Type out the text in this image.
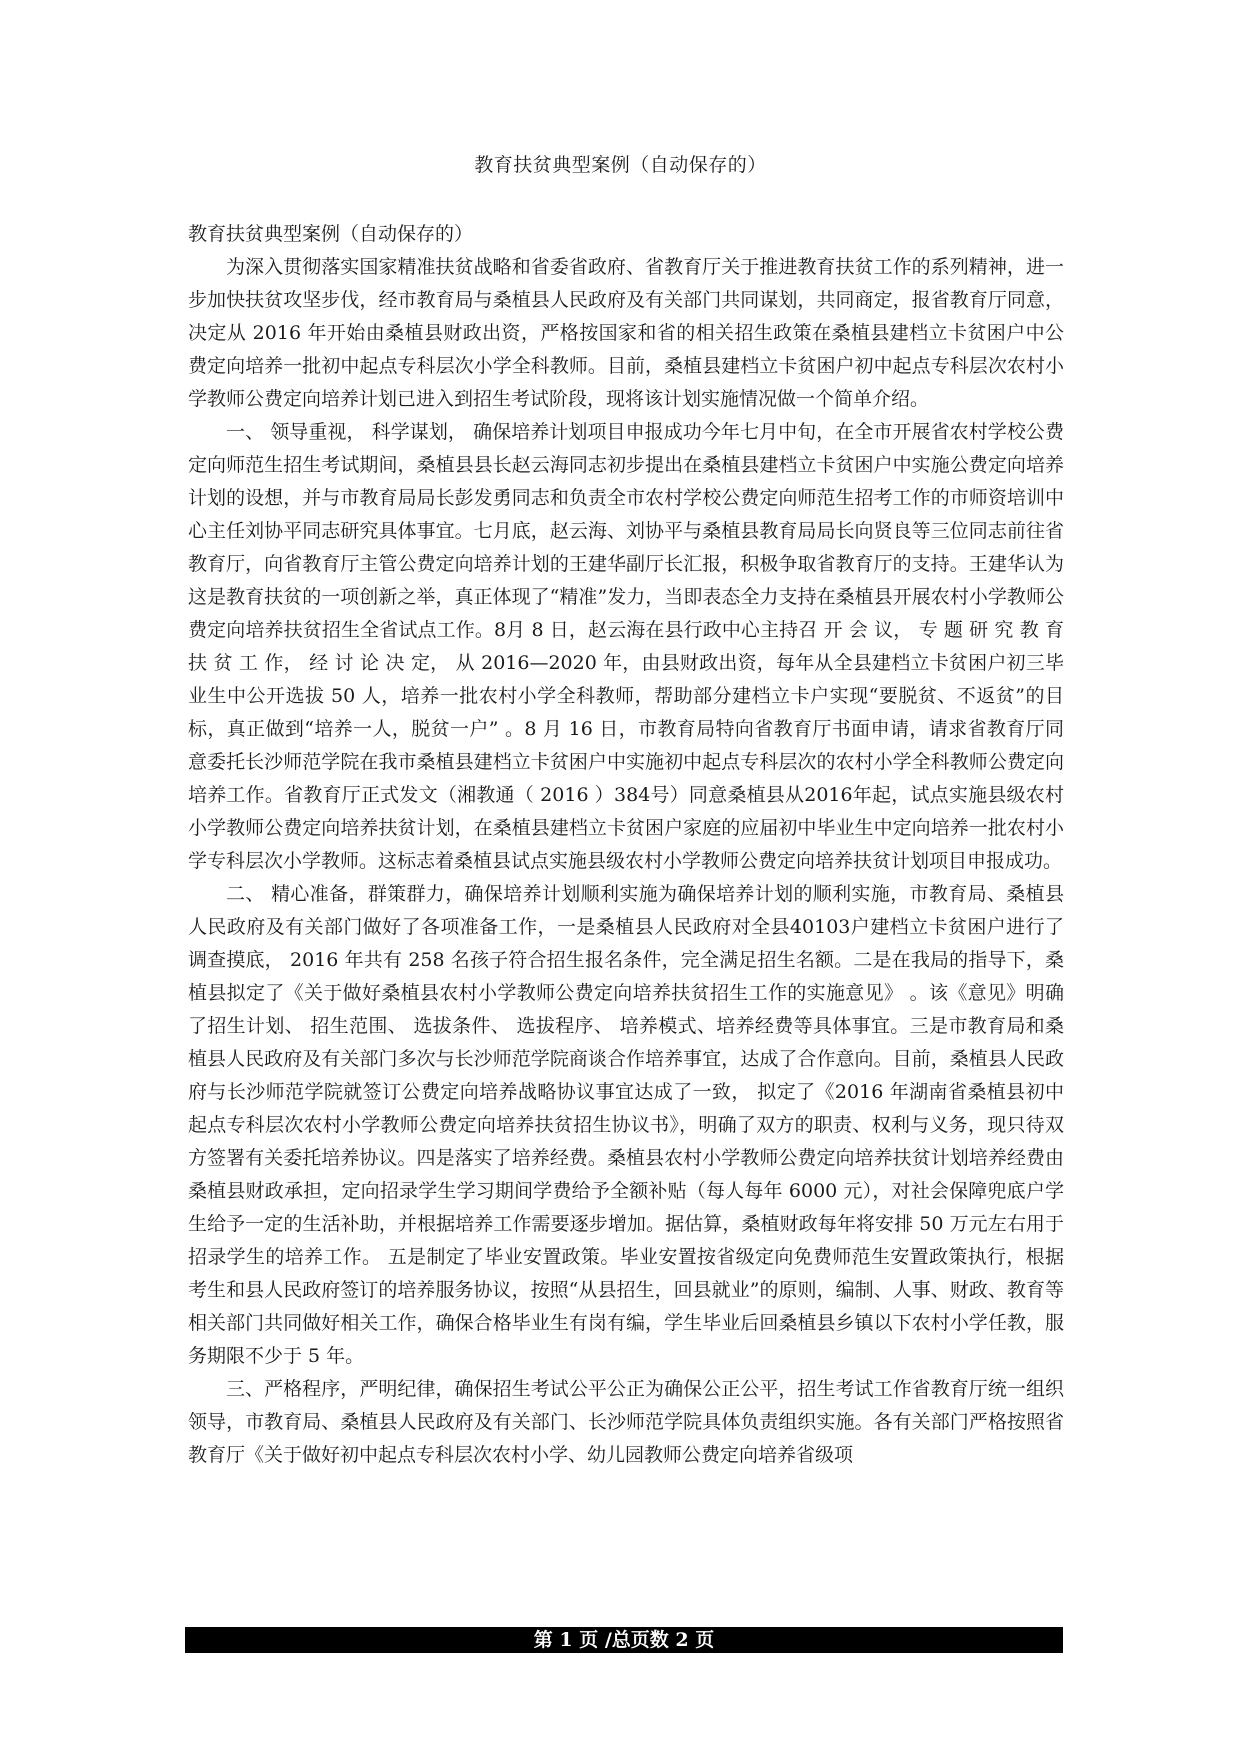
教育扶贫典型案例（自动保存的）

教育扶贫典型案例（自动保存的）

为深入贯彻落实国家精准扶贫战略和省委省政府、省教育厅关于推进教育扶贫工作的系列精神，进一步加快扶贫攻坚步伐，经市教育局与桑植县人民政府及有关部门共同谋划，共同商定，报省教育厅同意，决定从 2016 年开始由桑植县财政出资，严格按国家和省的相关招生政策在桑植县建档立卡贫困户中公费定向培养一批初中起点专科层次小学全科教师。目前，桑植县建档立卡贫困户初中起点专科层次农村小学教师公费定向培养计划已进入到招生考试阶段，现将该计划实施情况做一个简单介绍。

一、 领导重视， 科学谋划， 确保培养计划项目申报成功今年七月中旬，在全市开展省农村学校公费定向师范生招生考试期间，桑植县县长赵云海同志初步提出在桑植县建档立卡贫困户中实施公费定向培养计划的设想，并与市教育局局长彭发勇同志和负责全市农村学校公费定向师范生招考工作的市师资培训中心主任刘协平同志研究具体事宜。七月底，赵云海、刘协平与桑植县教育局局长向贤良等三位同志前往省教育厅，向省教育厅主管公费定向培养计划的王建华副厅长汇报，积极争取省教育厅的支持。王建华认为这是教育扶贫的一项创新之举，真正体现了“精准”发力，当即表态全力支持在桑植县开展农村小学教师公费定向培养扶贫招生全省试点工作。8月 8 日，赵云海在县行政中心主持召 开 会 议， 专 题 研 究 教 育 扶 贫 工 作， 经 讨 论 决 定， 从 2016—2020 年，由县财政出资，每年从全县建档立卡贫困户初三毕业生中公开选拔 50 人，培养一批农村小学全科教师，帮助部分建档立卡户实现“要脱贫、不返贫”的目标，真正做到“培养一人，脱贫一户” 。8 月 16 日，市教育局特向省教育厅书面申请，请求省教育厅同意委托长沙师范学院在我市桑植县建档立卡贫困户中实施初中起点专科层次的农村小学全科教师公费定向培养工作。省教育厅正式发文（湘教通（ 2016 ）384号）同意桑植县从2016年起，试点实施县级农村小学教师公费定向培养扶贫计划，在桑植县建档立卡贫困户家庭的应届初中毕业生中定向培养一批农村小学专科层次小学教师。这标志着桑植县试点实施县级农村小学教师公费定向培养扶贫计划项目申报成功。

二、 精心准备，群策群力，确保培养计划顺利实施为确保培养计划的顺利实施，市教育局、桑植县人民政府及有关部门做好了各项准备工作，一是桑植县人民政府对全县40103户建档立卡贫困户进行了调查摸底， 2016 年共有 258 名孩子符合招生报名条件，完全满足招生名额。二是在我局的指导下，桑植县拟定了《关于做好桑植县农村小学教师公费定向培养扶贫招生工作的实施意见》 。该《意见》明确了招生计划、 招生范围、 选拔条件、 选拔程序、 培养模式、培养经费等具体事宜。三是市教育局和桑植县人民政府及有关部门多次与长沙师范学院商谈合作培养事宜，达成了合作意向。目前，桑植县人民政府与长沙师范学院就签订公费定向培养战略协议事宜达成了一致， 拟定了《2016 年湖南省桑植县初中起点专科层次农村小学教师公费定向培养扶贫招生协议书》，明确了双方的职责、权利与义务，现只待双方签署有关委托培养协议。四是落实了培养经费。桑植县农村小学教师公费定向培养扶贫计划培养经费由桑植县财政承担，定向招录学生学习期间学费给予全额补贴（每人每年 6000 元），对社会保障兜底户学生给予一定的生活补助，并根据培养工作需要逐步增加。据估算，桑植财政每年将安排 50 万元左右用于招录学生的培养工作。 五是制定了毕业安置政策。毕业安置按省级定向免费师范生安置政策执行，根据考生和县人民政府签订的培养服务协议，按照“从县招生，回县就业”的原则，编制、人事、财政、教育等相关部门共同做好相关工作，确保合格毕业生有岗有编，学生毕业后回桑植县乡镇以下农村小学任教，服务期限不少于 5 年。

三、严格程序，严明纪律，确保招生考试公平公正为确保公正公平，招生考试工作省教育厅统一组织领导，市教育局、桑植县人民政府及有关部门、长沙师范学院具体负责组织实施。各有关部门严格按照省教育厅《关于做好初中起点专科层次农村小学、幼儿园教师公费定向培养省级项

第 1 页 /总页数 2 页
